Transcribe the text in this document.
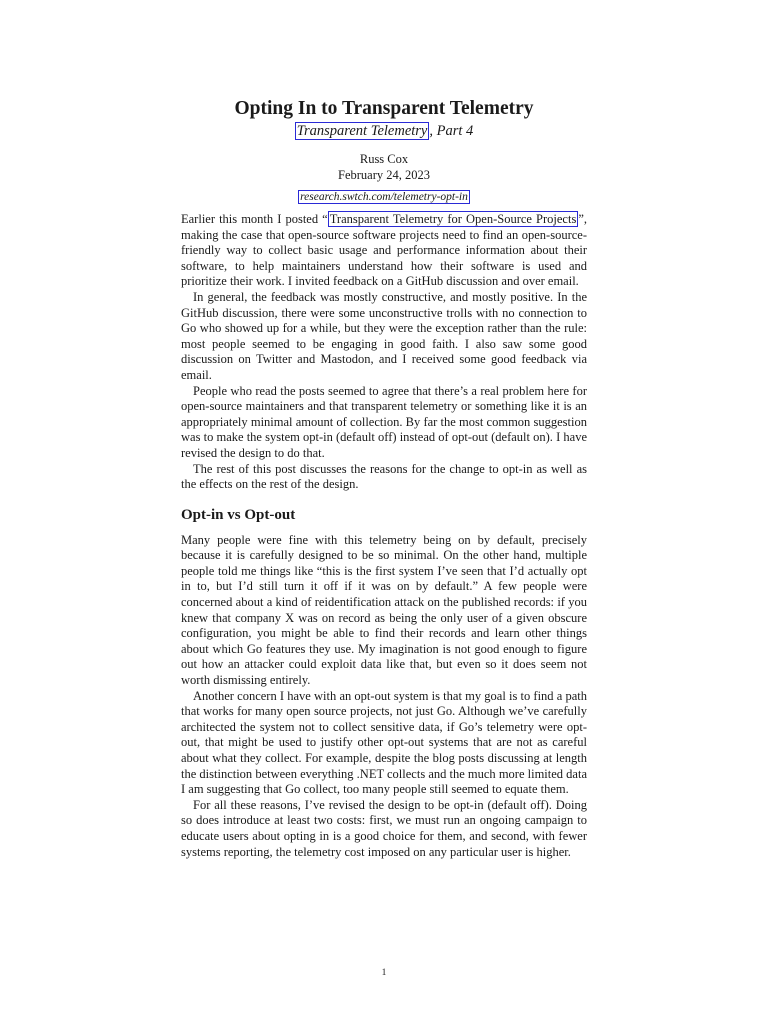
Opting In to Transparent Telemetry
Transparent Telemetry , Part 4
Russ Cox
February 24, 2023
research.swtch.com/telemetry-opt-in

Earlier this month I posted “ Transparent Telemetry for Open-Source Projects ”, making the case that open-source software projects need to find an open-source-friendly way to collect basic usage and performance information about their software, to help maintainers understand how their software is used and prioritize their work. I invited feedback on a GitHub discussion and over email.

In general, the feedback was mostly constructive, and mostly positive. In the GitHub discussion, there were some unconstructive trolls with no connection to Go who showed up for a while, but they were the exception rather than the rule: most people seemed to be engaging in good faith. I also saw some good discussion on Twitter and Mastodon, and I received some good feedback via email.

People who read the posts seemed to agree that there’s a real problem here for open-source maintainers and that transparent telemetry or something like it is an appropriately minimal amount of collection. By far the most common suggestion was to make the system opt-in (default off) instead of opt-out (default on). I have revised the design to do that.

The rest of this post discusses the reasons for the change to opt-in as well as the effects on the rest of the design.

Opt-in vs Opt-out

Many people were fine with this telemetry being on by default, precisely because it is carefully designed to be so minimal. On the other hand, multiple people told me things like “this is the first system I’ve seen that I’d actually opt in to, but I’d still turn it off if it was on by default.” A few people were concerned about a kind of reidentification attack on the published records: if you knew that company X was on record as being the only user of a given obscure configuration, you might be able to find their records and learn other things about which Go features they use. My imagination is not good enough to figure out how an attacker could exploit data like that, but even so it does seem not worth dismissing entirely.

Another concern I have with an opt-out system is that my goal is to find a path that works for many open source projects, not just Go. Although we’ve carefully architected the system not to collect sensitive data, if Go’s telemetry were opt-out, that might be used to justify other opt-out systems that are not as careful about what they collect. For example, despite the blog posts discussing at length the distinction between everything .NET collects and the much more limited data I am suggesting that Go collect, too many people still seemed to equate them.

For all these reasons, I’ve revised the design to be opt-in (default off). Doing so does introduce at least two costs: first, we must run an ongoing campaign to educate users about opting in is a good choice for them, and second, with fewer systems reporting, the telemetry cost imposed on any particular user is higher.

1
